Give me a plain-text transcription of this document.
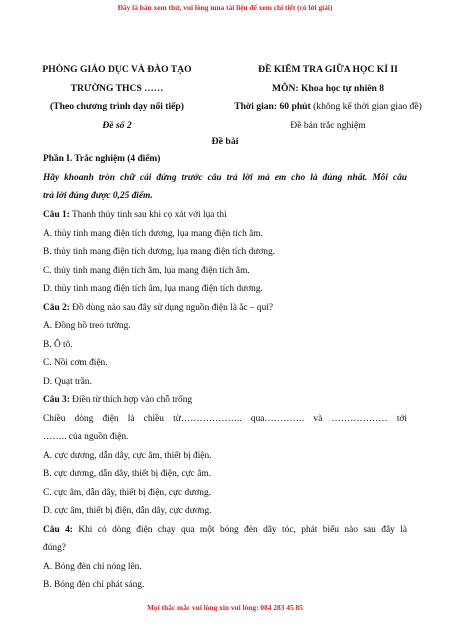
Đây là bản xem thử, vui lòng mua tài liệu để xem chi tiết (có lời giải)
PHÒNG GIÁO DỤC VÀ ĐÀO TẠO
TRƯỜNG THCS ……
(Theo chương trình dạy nối tiếp)
Đề số 2
ĐỀ KIỂM TRA GIỮA HỌC KÌ II
MÔN: Khoa học tự nhiên 8
Thời gian: 60 phút (không kể thời gian giao đề)
Đề bản trắc nghiệm
Đề bài
Phần I. Trắc nghiệm (4 điểm)
Hãy khoanh tròn chữ cái đứng trước câu trả lời mà em cho là đúng nhất. Mỗi câu
trả lời đúng được 0,25 điểm.
Câu 1: Thanh thủy tinh sau khi cọ xát với lụa thì
A. thủy tinh mang điện tích dương, lụa mang điện tích âm.
B. thủy tinh mang điện tích dương, lụa mang điện tích dương.
C. thủy tinh mang điện tích âm, lụa mang điện tích âm.
D. thủy tinh mang điện tích âm, lụa mang điện tích dương.
Câu 2: Đồ dùng nào sau đây sử dụng nguồn điện là ắc – qui?
A. Đồng hồ treo tường.
B. Ô tô.
C. Nồi cơm điện.
D. Quạt trần.
Câu 3: Điền từ thích hợp vào chỗ trống
Chiều dòng điện là chiều từ……………….. qua…………. và ……………… tới
…….. của nguồn điện.
A. cực dương, dẫn dây, cực âm, thiết bị điện.
B. cực dương, dẫn dây, thiết bị điện, cực âm.
C. cực âm, dẫn dây, thiết bị điện, cực dương.
D. cực âm, thiết bị điện, dẫn dây, cực dương.
Câu 4: Khi có dòng điện chạy qua một bóng đèn dây tóc, phát biểu nào sau đây là
đúng?
A. Bóng đèn chỉ nóng lên.
B. Bóng đèn chỉ phát sáng.
Mọi thắc mắc vui lòng xin vui lòng: 084 283 45 85
